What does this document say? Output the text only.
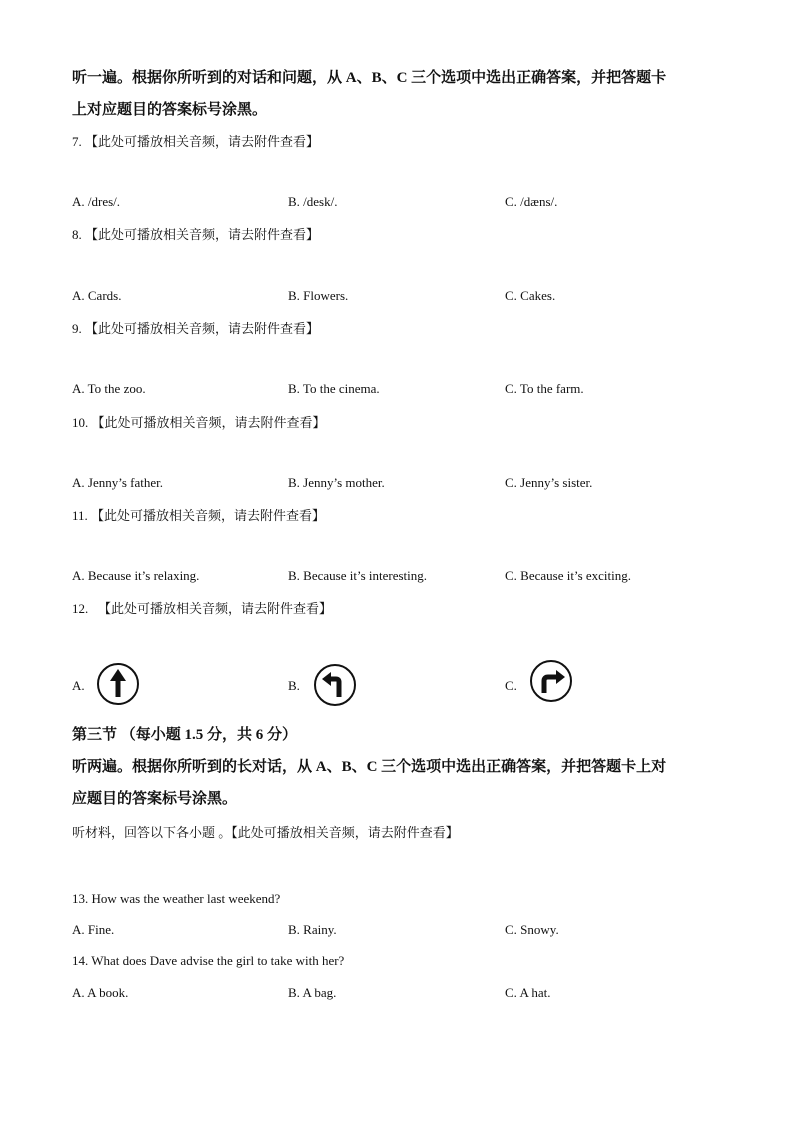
听一遍。根据你所听到的对话和问题，从 A、B、C 三个选项中选出正确答案，并把答题卡
上对应题目的答案标号涂黑。
7. 【此处可播放相关音频，请去附件查看】
A. /dres/.	B. /desk/.	C. /dæns/.
8. 【此处可播放相关音频，请去附件查看】
A. Cards.	B. Flowers.	C. Cakes.
9. 【此处可播放相关音频，请去附件查看】
A. To the zoo.	B. To the cinema.	C. To the farm.
10. 【此处可播放相关音频，请去附件查看】
A. Jenny’s father.	B. Jenny’s mother.	C. Jenny’s sister.
11. 【此处可播放相关音频，请去附件查看】
A. Because it’s relaxing.	B. Because it’s interesting.	C. Because it’s exciting.
12. 【此处可播放相关音频，请去附件查看】
A.	B.	C.
第三节 （每小题 1.5 分，共 6 分）
听两遍。根据你所听到的长对话，从 A、B、C 三个选项中选出正确答案，并把答题卡上对
应题目的答案标号涂黑。
听材料，回答以下各小题 。【此处可播放相关音频，请去附件查看】
13. How was the weather last weekend?
A. Fine.	B. Rainy.	C. Snowy.
14. What does Dave advise the girl to take with her?
A. A book.	B. A bag.	C. A hat.
